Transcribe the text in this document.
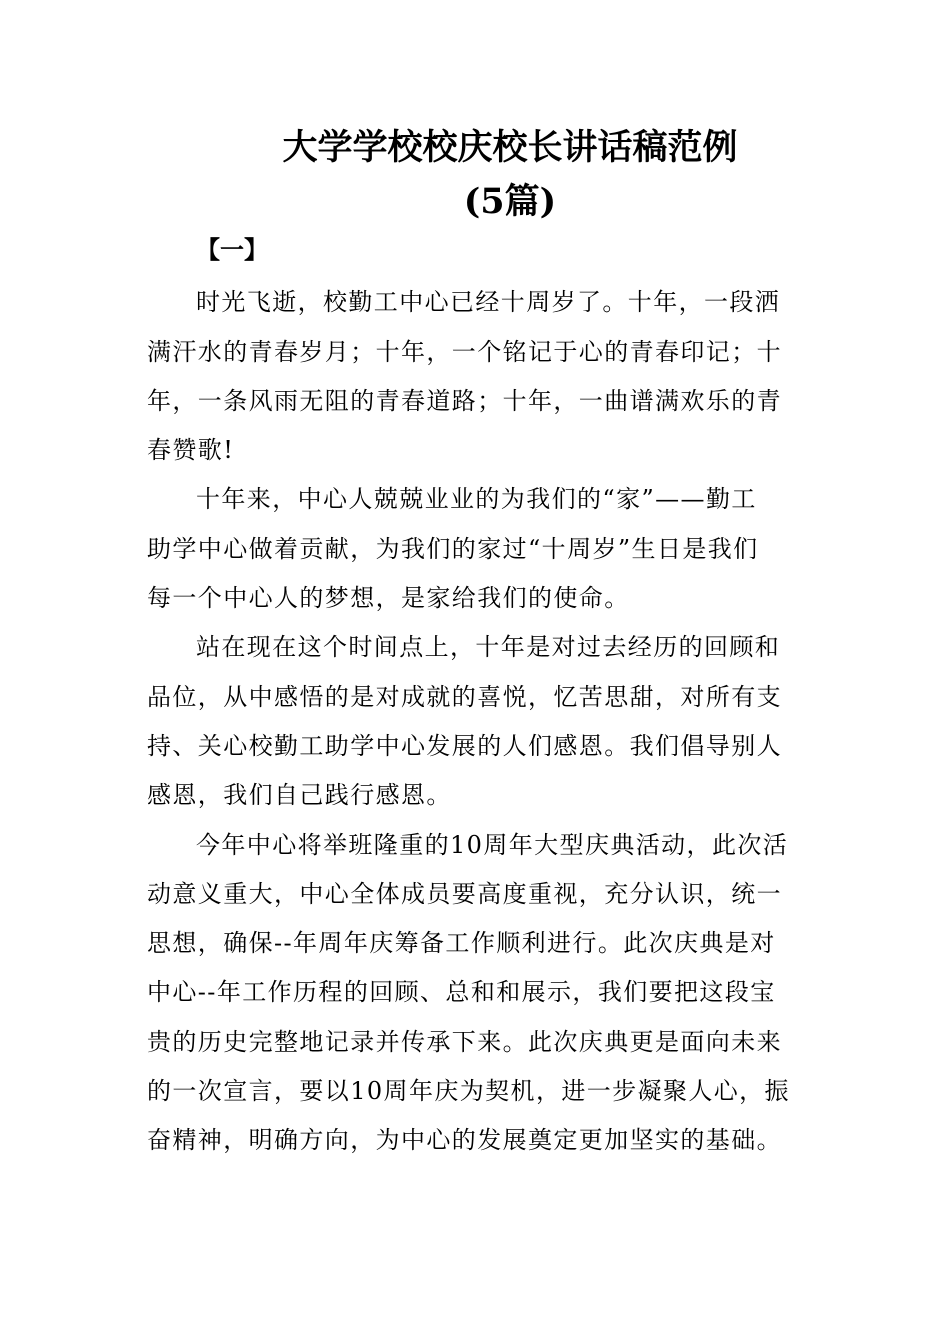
大学学校校庆校长讲话稿范例
(5篇)
【一】
时光飞逝，校勤工中心已经十周岁了。十年，一段洒
满汗水的青春岁月；十年，一个铭记于心的青春印记；十
年，一条风雨无阻的青春道路；十年，一曲谱满欢乐的青
春赞歌!
十年来，中心人兢兢业业的为我们的“家”——勤工
助学中心做着贡献，为我们的家过“十周岁”生日是我们
每一个中心人的梦想，是家给我们的使命。
站在现在这个时间点上，十年是对过去经历的回顾和
品位，从中感悟的是对成就的喜悦，忆苦思甜，对所有支
持、关心校勤工助学中心发展的人们感恩。我们倡导别人
感恩，我们自己践行感恩。
今年中心将举班隆重的10周年大型庆典活动，此次活
动意义重大，中心全体成员要高度重视，充分认识，统一
思想，确保--年周年庆筹备工作顺利进行。此次庆典是对
中心--年工作历程的回顾、总和和展示，我们要把这段宝
贵的历史完整地记录并传承下来。此次庆典更是面向未来
的一次宣言，要以10周年庆为契机，进一步凝聚人心，振
奋精神，明确方向，为中心的发展奠定更加坚实的基础。
